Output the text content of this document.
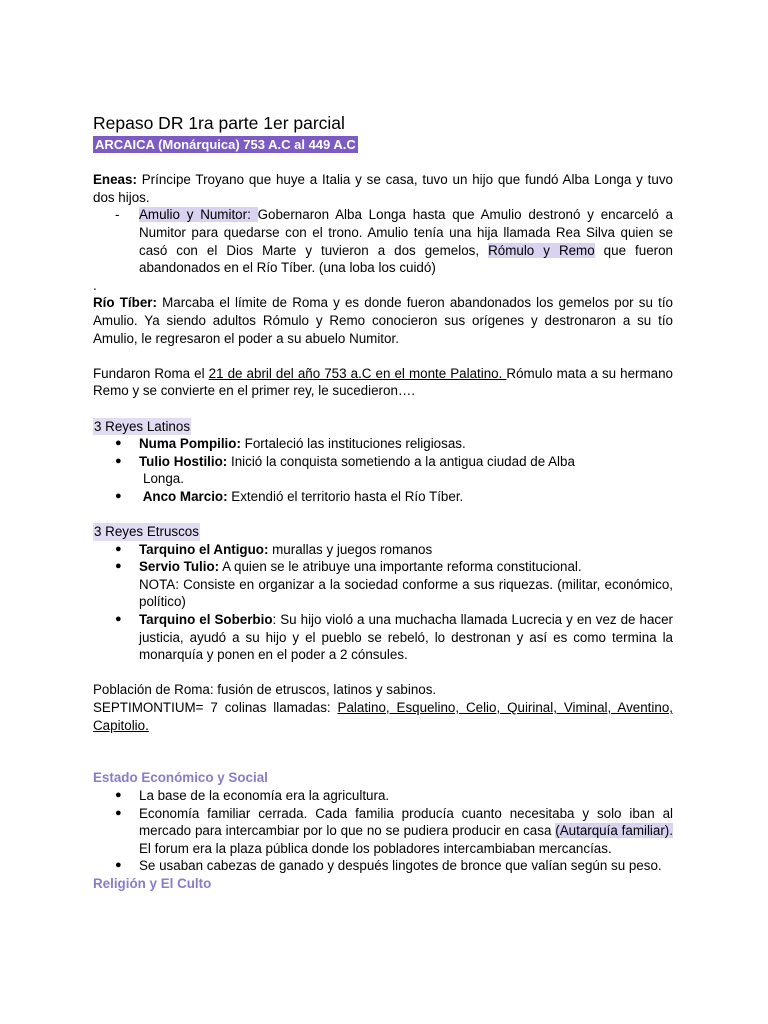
Repaso DR 1ra parte 1er parcial

ARCAICA (Monárquica) 753 A.C al 449 A.C

Eneas: Príncipe Troyano que huye a Italia y se casa, tuvo un hijo que fundó Alba Longa y tuvo dos hijos.

- Amulio y Numitor: Gobernaron Alba Longa hasta que Amulio destronó y encarceló a Numitor para quedarse con el trono. Amulio tenía una hija llamada Rea Silva quien se casó con el Dios Marte y tuvieron a dos gemelos, Rómulo y Remo que fueron abandonados en el Río Tíber. (una loba los cuidó)

.

Río Tíber: Marcaba el límite de Roma y es donde fueron abandonados los gemelos por su tío Amulio. Ya siendo adultos Rómulo y Remo conocieron sus orígenes y destronaron a su tío Amulio, le regresaron el poder a su abuelo Numitor.

Fundaron Roma el 21 de abril del año 753 a.C en el monte Palatino. Rómulo mata a su hermano Remo y se convierte en el primer rey, le sucedieron….

3 Reyes Latinos

● Numa Pompilio: Fortaleció las instituciones religiosas.
● Tulio Hostilio: Inició la conquista sometiendo a la antigua ciudad de Alba
Longa.
● Anco Marcio: Extendió el territorio hasta el Río Tíber.

3 Reyes Etruscos

● Tarquino el Antiguo: murallas y juegos romanos
● Servio Tulio: A quien se le atribuye una importante reforma constitucional.
NOTA: Consiste en organizar a la sociedad conforme a sus riquezas. (militar, económico, político)
● Tarquino el Soberbio: Su hijo violó a una muchacha llamada Lucrecia y en vez de hacer justicia, ayudó a su hijo y el pueblo se rebeló, lo destronan y así es como termina la monarquía y ponen en el poder a 2 cónsules.

Población de Roma: fusión de etruscos, latinos y sabinos.

SEPTIMONTIUM= 7 colinas llamadas: Palatino, Esquelino, Celio, Quirinal, Viminal, Aventino, Capitolio.

Estado Económico y Social

● La base de la economía era la agricultura.
● Economía familiar cerrada. Cada familia producía cuanto necesitaba y solo iban al mercado para intercambiar por lo que no se pudiera producir en casa (Autarquía familiar). El forum era la plaza pública donde los pobladores intercambiaban mercancías.
● Se usaban cabezas de ganado y después lingotes de bronce que valían según su peso.

Religión y El Culto
